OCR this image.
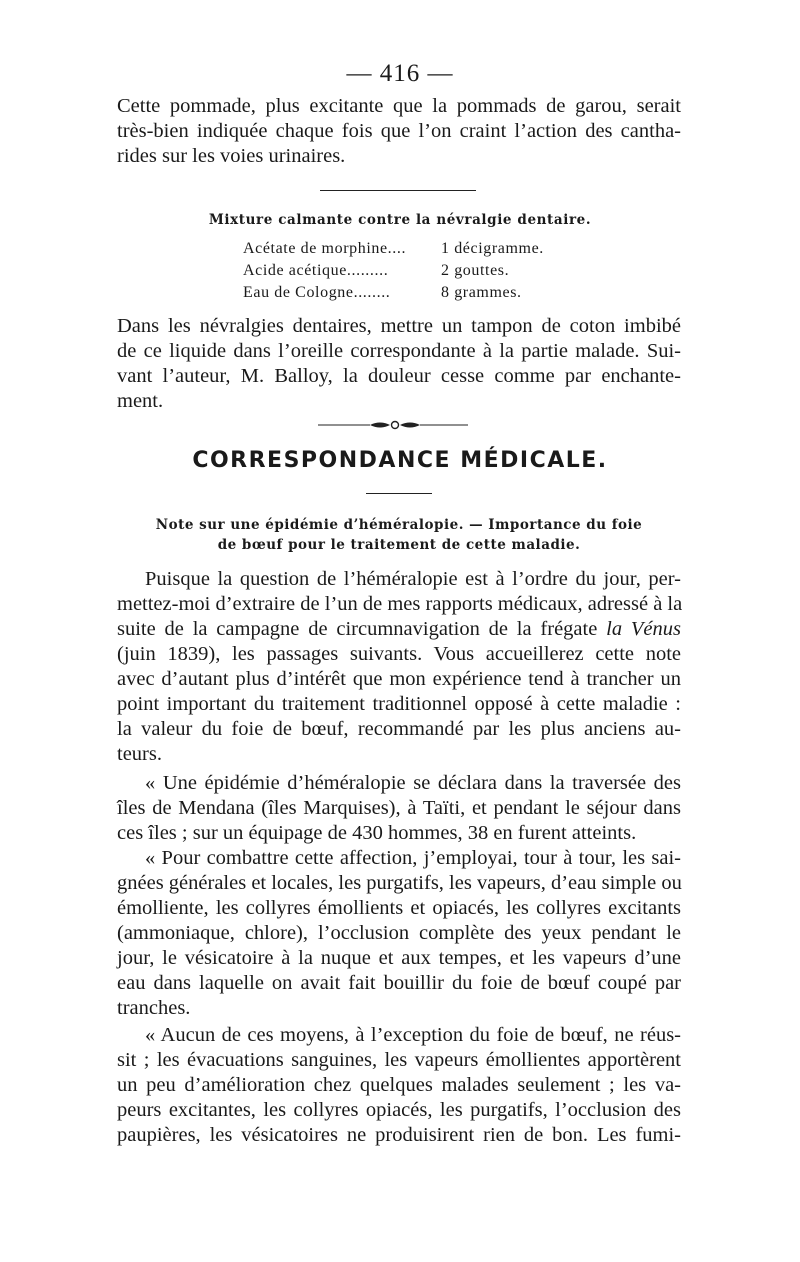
— 416 —
Cette pommade, plus excitante que la pommads de garou, serait
très-bien indiquée chaque fois que l’on craint l’action des cantha-
rides sur les voies urinaires.
Mixture calmante contre la névralgie dentaire.
Acétate de morphine....	1 décigramme.
Acide acétique.........	2 gouttes.
Eau de Cologne........	8 grammes.
Dans les névralgies dentaires, mettre un tampon de coton imbibé
de ce liquide dans l’oreille correspondante à la partie malade. Sui-
vant l’auteur, M. Balloy, la douleur cesse comme par enchante-
ment.
CORRESPONDANCE MÉDICALE.
Note sur une épidémie d’héméralopie. — Importance du foie
de bœuf pour le traitement de cette maladie.
Puisque la question de l’héméralopie est à l’ordre du jour, per-
mettez-moi d’extraire de l’un de mes rapports médicaux, adressé à la
suite de la campagne de circumnavigation de la frégate la Vénus
(juin 1839), les passages suivants. Vous accueillerez cette note
avec d’autant plus d’intérêt que mon expérience tend à trancher un
point important du traitement traditionnel opposé à cette maladie :
la valeur du foie de bœuf, recommandé par les plus anciens au-
teurs.
« Une épidémie d’héméralopie se déclara dans la traversée des
îles de Mendana (îles Marquises), à Taïti, et pendant le séjour dans
ces îles ; sur un équipage de 430 hommes, 38 en furent atteints.
« Pour combattre cette affection, j’employai, tour à tour, les sai-
gnées générales et locales, les purgatifs, les vapeurs, d’eau simple ou
émolliente, les collyres émollients et opiacés, les collyres excitants
(ammoniaque, chlore), l’occlusion complète des yeux pendant le
jour, le vésicatoire à la nuque et aux tempes, et les vapeurs d’une
eau dans laquelle on avait fait bouillir du foie de bœuf coupé par
tranches.
« Aucun de ces moyens, à l’exception du foie de bœuf, ne réus-
sit ; les évacuations sanguines, les vapeurs émollientes apportèrent
un peu d’amélioration chez quelques malades seulement ; les va-
peurs excitantes, les collyres opiacés, les purgatifs, l’occlusion des
paupières, les vésicatoires ne produisirent rien de bon. Les fumi-
